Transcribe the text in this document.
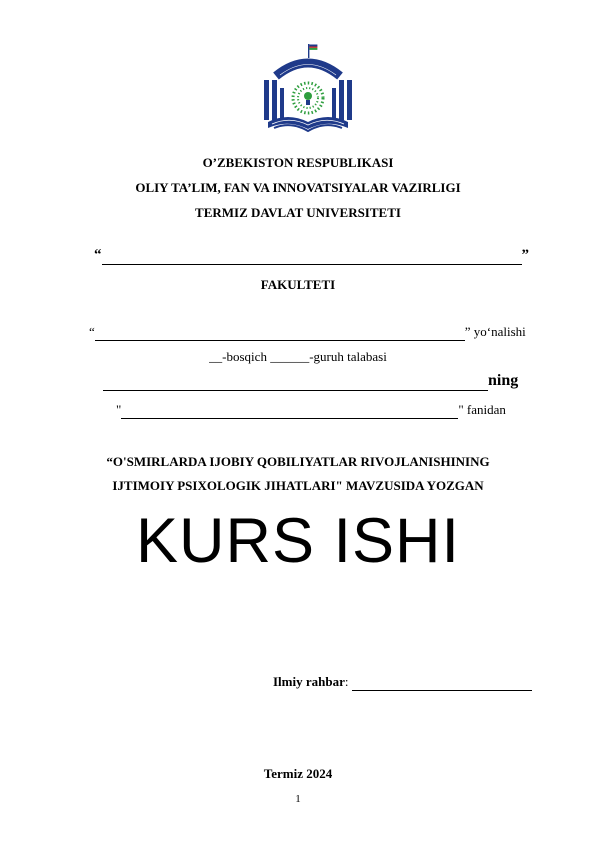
O’ZBEKISTON RESPUBLIKASI
OLIY TA’LIM, FAN VA INNOVATSIYALAR VAZIRLIGI
TERMIZ DAVLAT UNIVERSITETI
“	”
FAKULTETI
“	” yo‘nalishi
__-bosqich ______-guruh talabasi
ning
"	" fanidan
“O'SMIRLARDA IJOBIY QOBILIYATLAR RIVOJLANISHINING
IJTIMOIY PSIXOLOGIK JIHATLARI" MAVZUSIDA YOZGAN
KURS ISHI
Ilmiy rahbar:
Termiz 2024
1
